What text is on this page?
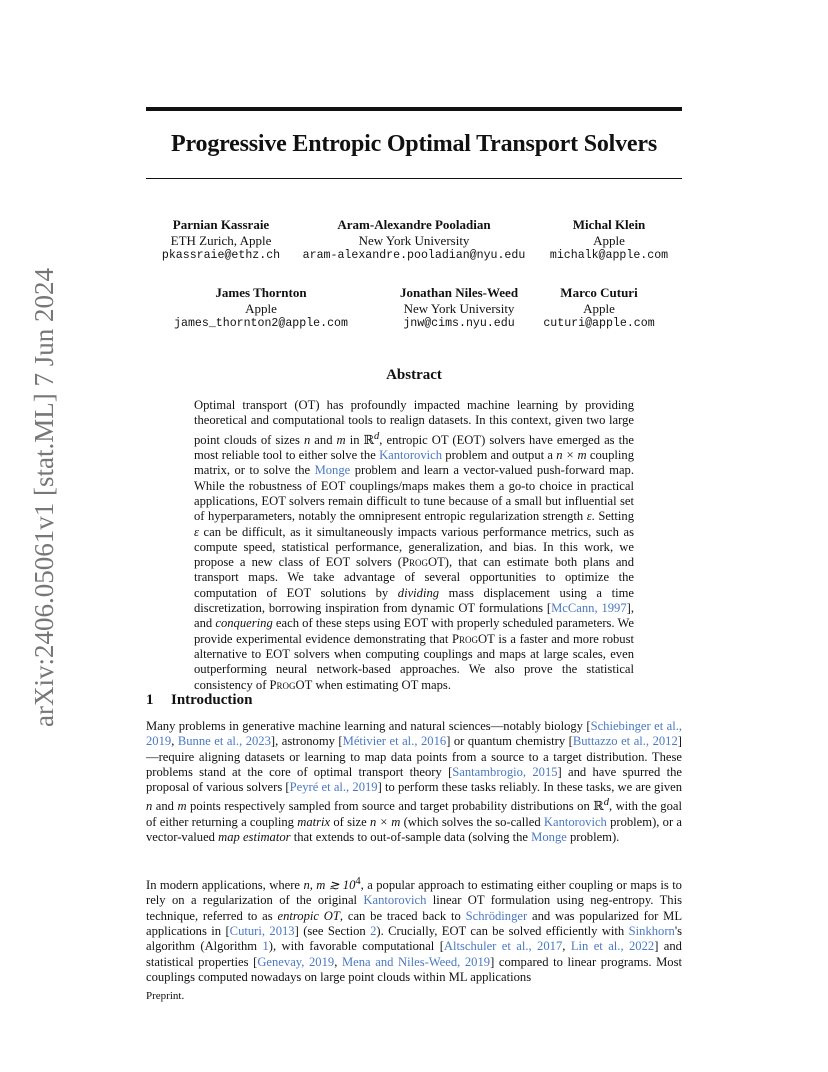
Progressive Entropic Optimal Transport Solvers
Parnian Kassraie
ETH Zurich, Apple
pkassraie@ethz.ch
Aram-Alexandre Pooladian
New York University
aram-alexandre.pooladian@nyu.edu
Michal Klein
Apple
michalk@apple.com
James Thornton
Apple
james_thornton2@apple.com
Jonathan Niles-Weed
New York University
jnw@cims.nyu.edu
Marco Cuturi
Apple
cuturi@apple.com
arXiv:2406.05061v1 [stat.ML] 7 Jun 2024	Abstract
Optimal transport (OT) has profoundly impacted machine learning by providing theoretical and computational tools to realign datasets. In this context, given two large point clouds of sizes n and m in ℝ$^d$, entropic OT (EOT) solvers have emerged as the most reliable tool to either solve the Kantorovich problem and output a n × m coupling matrix, or to solve the Monge problem and learn a vector-valued push-forward map. While the robustness of EOT couplings/maps makes them a go-to choice in practical applications, EOT solvers remain difficult to tune because of a small but influential set of hyperparameters, notably the omnipresent entropic regularization strength ε. Setting ε can be difficult, as it simultaneously impacts various performance metrics, such as compute speed, statistical performance, generalization, and bias. In this work, we propose a new class of EOT solvers (ProgOT), that can estimate both plans and transport maps. We take advantage of several opportunities to optimize the computation of EOT solutions by dividing mass displacement using a time discretization, borrowing inspiration from dynamic OT formulations [McCann, 1997], and conquering each of these steps using EOT with properly scheduled parameters. We provide experimental evidence demonstrating that ProgOT is a faster and more robust alternative to EOT solvers when computing couplings and maps at large scales, even outperforming neural network-based approaches. We also prove the statistical consistency of ProgOT when estimating OT maps.
1 Introduction
Many problems in generative machine learning and natural sciences—notably biology [Schiebinger et al., 2019, Bunne et al., 2023], astronomy [Métivier et al., 2016] or quantum chemistry [Buttazzo et al., 2012]—require aligning datasets or learning to map data points from a source to a target distribution. These problems stand at the core of optimal transport theory [Santambrogio, 2015] and have spurred the proposal of various solvers [Peyré et al., 2019] to perform these tasks reliably. In these tasks, we are given n and m points respectively sampled from source and target probability distributions on ℝ$^d$, with the goal of either returning a coupling matrix of size n × m (which solves the so-called Kantorovich problem), or a vector-valued map estimator that extends to out-of-sample data (solving the Monge problem).
In modern applications, where n, m ≳ $10^4$, a popular approach to estimating either coupling or maps is to rely on a regularization of the original Kantorovich linear OT formulation using neg-entropy. This technique, referred to as entropic OT, can be traced back to Schrödinger and was popularized for ML applications in [Cuturi, 2013] (see Section 2). Crucially, EOT can be solved efficiently with Sinkhorn's algorithm (Algorithm 1), with favorable computational [Altschuler et al., 2017, Lin et al., 2022] and statistical properties [Genevay, 2019, Mena and Niles-Weed, 2019] compared to linear programs. Most couplings computed nowadays on large point clouds within ML applications
Preprint.
